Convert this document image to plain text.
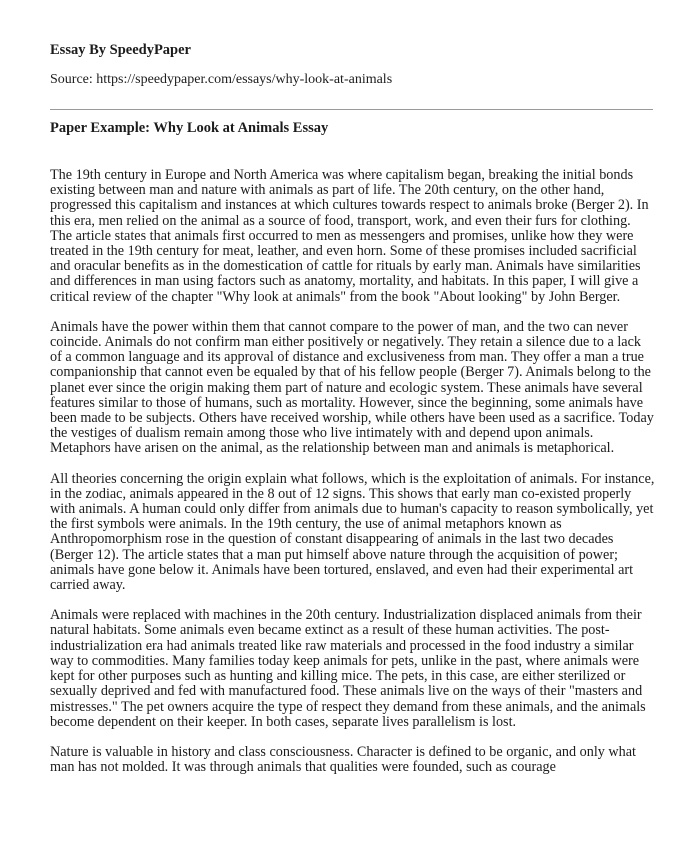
Essay By SpeedyPaper
Source: https://speedypaper.com/essays/why-look-at-animals
Paper Example: Why Look at Animals Essay

The 19th century in Europe and North America was where capitalism began, breaking the initial bonds existing between man and nature with animals as part of life. The 20th century, on the other hand, progressed this capitalism and instances at which cultures towards respect to animals broke (Berger 2). In this era, men relied on the animal as a source of food, transport, work, and even their furs for clothing. The article states that animals first occurred to men as messengers and promises, unlike how they were treated in the 19th century for meat, leather, and even horn. Some of these promises included sacrificial and oracular benefits as in the domestication of cattle for rituals by early man. Animals have similarities and differences in man using factors such as anatomy, mortality, and habitats. In this paper, I will give a critical review of the chapter "Why look at animals" from the book "About looking" by John Berger.

Animals have the power within them that cannot compare to the power of man, and the two can never coincide. Animals do not confirm man either positively or negatively. They retain a silence due to a lack of a common language and its approval of distance and exclusiveness from man. They offer a man a true companionship that cannot even be equaled by that of his fellow people (Berger 7). Animals belong to the planet ever since the origin making them part of nature and ecologic system. These animals have several features similar to those of humans, such as mortality. However, since the beginning, some animals have been made to be subjects. Others have received worship, while others have been used as a sacrifice. Today the vestiges of dualism remain among those who live intimately with and depend upon animals. Metaphors have arisen on the animal, as the relationship between man and animals is metaphorical.

All theories concerning the origin explain what follows, which is the exploitation of animals. For instance, in the zodiac, animals appeared in the 8 out of 12 signs. This shows that early man co-existed properly with animals. A human could only differ from animals due to human's capacity to reason symbolically, yet the first symbols were animals. In the 19th century, the use of animal metaphors known as Anthropomorphism rose in the question of constant disappearing of animals in the last two decades (Berger 12). The article states that a man put himself above nature through the acquisition of power; animals have gone below it. Animals have been tortured, enslaved, and even had their experimental art carried away.

Animals were replaced with machines in the 20th century. Industrialization displaced animals from their natural habitats. Some animals even became extinct as a result of these human activities. The post-industrialization era had animals treated like raw materials and processed in the food industry a similar way to commodities. Many families today keep animals for pets, unlike in the past, where animals were kept for other purposes such as hunting and killing mice. The pets, in this case, are either sterilized or sexually deprived and fed with manufactured food. These animals live on the ways of their "masters and mistresses." The pet owners acquire the type of respect they demand from these animals, and the animals become dependent on their keeper. In both cases, separate lives parallelism is lost.

Nature is valuable in history and class consciousness. Character is defined to be organic, and only what man has not molded. It was through animals that qualities were founded, such as courage
